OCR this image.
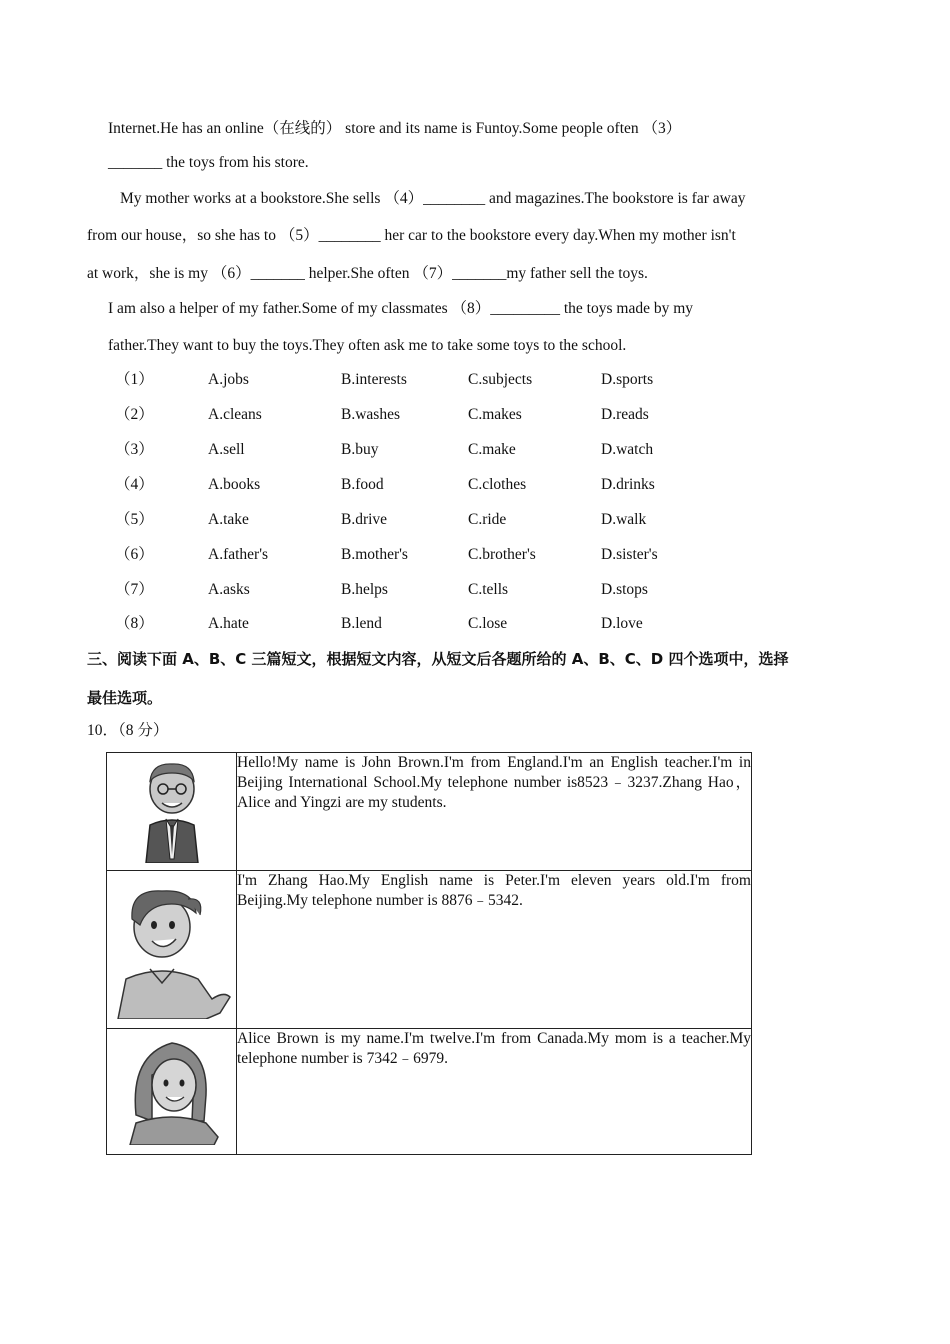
Internet.He has an online（在线的） store and its name is Funtoy.Some people often （3）
_______ the toys from his store.
My mother works at a bookstore.She sells （4）________ and magazines.The bookstore is far away
from our house，so she has to （5）________ her car to the bookstore every day.When my mother isn't
at work，she is my （6）_______ helper.She often （7）_______my father sell the toys.
I am also a helper of my father.Some of my classmates （8）_________ the toys made by my
father.They want to buy the toys.They often ask me to take some toys to the school.
（1）	A.jobs	B.interests	C.subjects	D.sports
（2）	A.cleans	B.washes	C.makes	D.reads
（3）	A.sell	B.buy	C.make	D.watch
（4）	A.books	B.food	C.clothes	D.drinks
（5）	A.take	B.drive	C.ride	D.walk
（6）	A.father's	B.mother's	C.brother's	D.sister's
（7）	A.asks	B.helps	C.tells	D.stops
（8）	A.hate	B.lend	C.lose	D.love
三、阅读下面 A、B、C 三篇短文，根据短文内容，从短文后各题所给的 A、B、C、D 四个选项中，选择
最佳选项。
10．（8 分）
	Hello!My name is John Brown.I'm from England.I'm an English teacher.I'm in Beijing International School.My telephone number is8523﹣3237.Zhang Hao，Alice and Yingzi are my students.

	I'm Zhang Hao.My English name is Peter.I'm eleven years old.I'm from Beijing.My telephone number is 8876﹣5342.

	Alice Brown is my name.I'm twelve.I'm from Canada.My mom is a teacher.My telephone number is 7342﹣6979.
